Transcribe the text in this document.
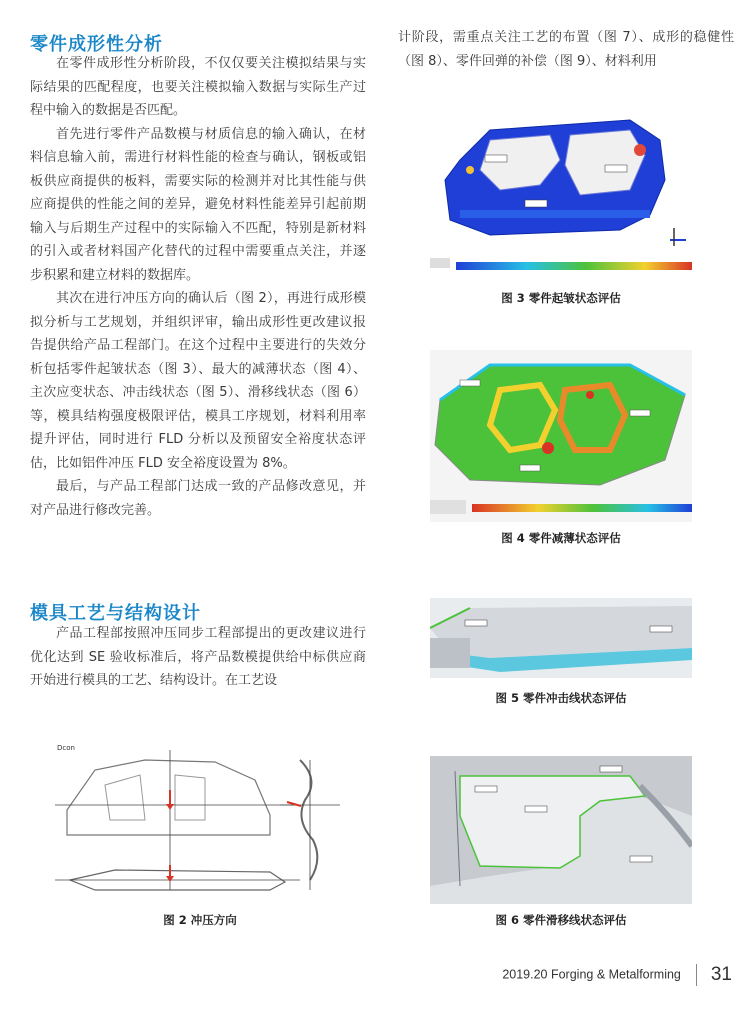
零件成形性分析
模具工艺与结构设计

在零件成形性分析阶段，不仅仅要关注模拟结果与实际结果的匹配程度，也要关注模拟输入数据与实际生产过程中输入的数据是否匹配。

首先进行零件产品数模与材质信息的输入确认，在材料信息输入前，需进行材料性能的检查与确认，钢板或铝板供应商提供的板料，需要实际的检测并对比其性能与供应商提供的性能之间的差异，避免材料性能差异引起前期输入与后期生产过程中的实际输入不匹配，特别是新材料的引入或者材料国产化替代的过程中需要重点关注，并逐步积累和建立材料的数据库。

其次在进行冲压方向的确认后（图 2），再进行成形模拟分析与工艺规划，并组织评审，输出成形性更改建议报告提供给产品工程部门。在这个过程中主要进行的失效分析包括零件起皱状态（图 3）、最大的减薄状态（图 4）、主次应变状态、冲击线状态（图 5）、滑移线状态（图 6）等，模具结构强度极限评估，模具工序规划，材料利用率提升评估，同时进行 FLD 分析以及预留安全裕度状态评估，比如铝件冲压 FLD 安全裕度设置为 8%。

最后，与产品工程部门达成一致的产品修改意见，并对产品进行修改完善。

产品工程部按照冲压同步工程部提出的更改建议进行优化达到 SE 验收标准后，将产品数模提供给中标供应商开始进行模具的工艺、结构设计。在工艺设

计阶段，需重点关注工艺的布置（图 7）、成形的稳健性（图 8）、零件回弹的补偿（图 9）、材料利用

图 3 零件起皱状态评估
图 4 零件减薄状态评估
图 5 零件冲击线状态评估
图 6 零件滑移线状态评估
Dcon
图 2 冲压方向
2019.20 Forging & Metalforming 31
